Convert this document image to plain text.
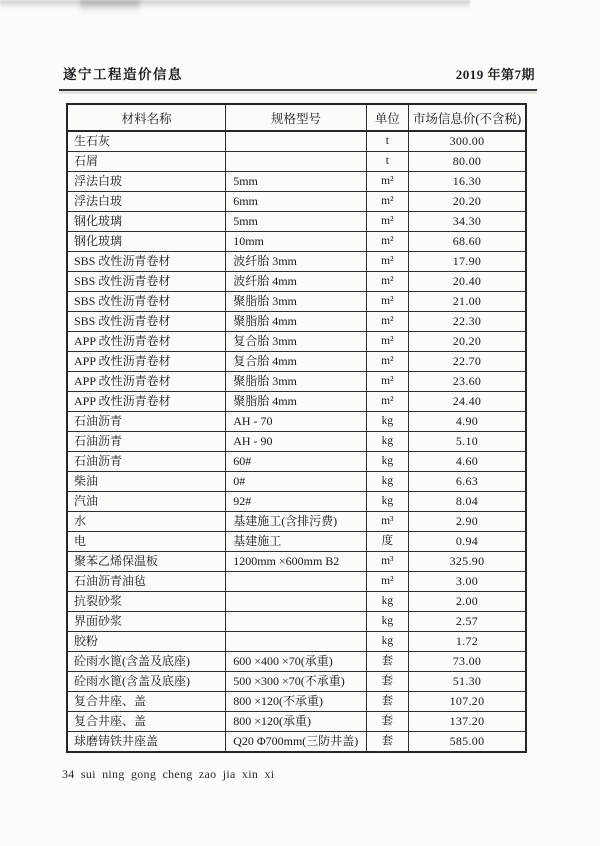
遂宁工程造价信息	2019 年第7期
材料名称	规格型号	单位	市场信息价(不含税)
生石灰		t	300.00
石屑		t	80.00
浮法白玻	5mm	m²	16.30
浮法白玻	6mm	m²	20.20
钢化玻璃	5mm	m²	34.30
钢化玻璃	10mm	m²	68.60
SBS 改性沥青卷材	波纤胎 3mm	m²	17.90
SBS 改性沥青卷材	波纤胎 4mm	m²	20.40
SBS 改性沥青卷材	聚脂胎 3mm	m²	21.00
SBS 改性沥青卷材	聚脂胎 4mm	m²	22.30
APP 改性沥青卷材	复合胎 3mm	m²	20.20
APP 改性沥青卷材	复合胎 4mm	m²	22.70
APP 改性沥青卷材	聚脂胎 3mm	m²	23.60
APP 改性沥青卷材	聚脂胎 4mm	m²	24.40
石油沥青	AH - 70	kg	4.90
石油沥青	AH - 90	kg	5.10
石油沥青	60#	kg	4.60
柴油	0#	kg	6.63
汽油	92#	kg	8.04
水	基建施工(含排污费)	m³	2.90
电	基建施工	度	0.94
聚苯乙烯保温板	1200mm ×600mm B2	m³	325.90
石油沥青油毡		m²	3.00
抗裂砂浆		kg	2.00
界面砂浆		kg	2.57
胶粉		kg	1.72
砼雨水篦(含盖及底座)	600 ×400 ×70(承重)	套	73.00
砼雨水篦(含盖及底座)	500 ×300 ×70(不承重)	套	51.30
复合井座、盖	800 ×120(不承重)	套	107.20
复合井座、盖	800 ×120(承重)	套	137.20
球磨铸铁井座盖	Q20 Φ700mm(三防井盖)	套	585.00
34 sui ning gong cheng zao jia xin xi
